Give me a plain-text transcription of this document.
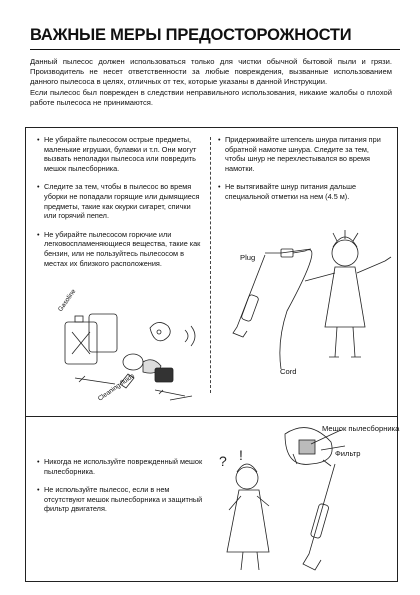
ВАЖНЫЕ МЕРЫ ПРЕДОСТОРОЖНОСТИ

Данный пылесос должен использоваться только для чистки обычной бытовой пыли и грязи. Производитель не несет ответственности за любые повреждения, вызванные использованием данного пылесоса в целях, отличных от тех, которые указаны в данной Инструкции.

Если пылесос был поврежден в следствии неправильного использования, никакие жалобы о плохой работе пылесоса не принимаются.

• Не убирайте пылесосом острые предметы, маленькие игрушки, булавки и т.п. Они могут вызвать неполадки пылесоса или повредить мешок пылесборника.
• Следите за тем, чтобы в пылесос во время уборки не попадали горящие или дымящиеся предметы, такие как окурки сигарет, спички или горячий пепел.
• Не убирайте пылесосом горючие или легковоспламеняющиеся вещества, такие как бензин, или не пользуйтесь пылесосом в местах их близкого расположения.
• Придерживайте штепсель шнура питания при обратной намотке шнура. Следите за тем, чтобы шнур не перехлестывался во время намотки.
• Не вытягивайте шнур питания дальше специальной отметки на нем (4.5 м).
• Никогда не используйте поврежденный мешок пылесборника.
• Не используйте пылесос, если в нем отсутствуют мешок пылесборника и защитный фильтр двигателя.
Gasoline
Cleaning fluids
Plug
Cord
? !
Мешок пылесборника
Фильтр
